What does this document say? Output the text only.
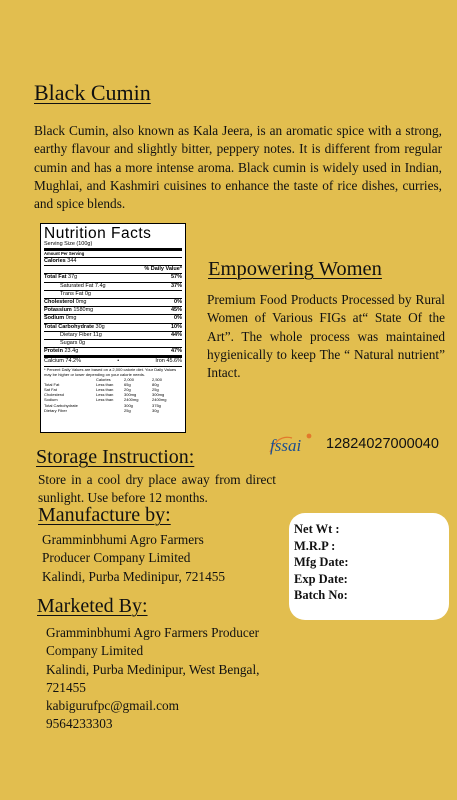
Black Cumin
Black Cumin, also known as Kala Jeera, is an aromatic spice with a strong, earthy flavour and slightly bitter, peppery notes. It is different from regular cumin and has a more intense aroma. Black cumin is widely used in Indian, Mughlai, and Kashmiri cuisines to enhance the taste of rice dishes, curries, and spice blends.
Nutrition Facts
Serving Size (100g)
Amount Per Serving
Calories 344
% Daily Value*
Total Fat 37g	57%
Saturated Fat 7.4g	37%
Trans Fat 0g
Cholesterol 0mg	0%
Potassium 1580mg	45%
Sodium 0mg	0%
Total Carbohydrate 30g	10%
Dietary Fiber 11g	44%
Sugars 0g
Protein 23.4g	47%
Calcium 74.2%	•	Iron 45.6%
* Percent Daily Values are based on a 2,000 calorie diet. Your Daily Values may be higher or lower depending on your calorie needs.
Calories	2,000	2,500
Total Fat	Less than	65g	80g
Sat Fat	Less than	20g	25g
Cholesterol	Less than	300mg	300mg
Sodium	Less than	2400mg	2400mg
Total Carbohydrate	300g	375g
Dietary Fiber	25g	30g
Empowering Women
Premium Food Products Processed by Rural Women of Various FIGs at“ State Of the Art”. The whole process was maintained hygienically to keep The “ Natural nutrient” Intact.
fssai 12824027000040
Storage Instruction:
Store in a cool dry place away from direct sunlight. Use before 12 months.
Manufacture by:
Gramminbhumi Agro Farmers
Producer Company Limited
Kalindi, Purba Medinipur, 721455
Net Wt :
M.R.P :
Mfg Date:
Exp Date:
Batch No:
Marketed By:
Gramminbhumi Agro Farmers Producer
Company Limited
Kalindi, Purba Medinipur, West Bengal,
721455
kabigurufpc@gmail.com
9564233303
